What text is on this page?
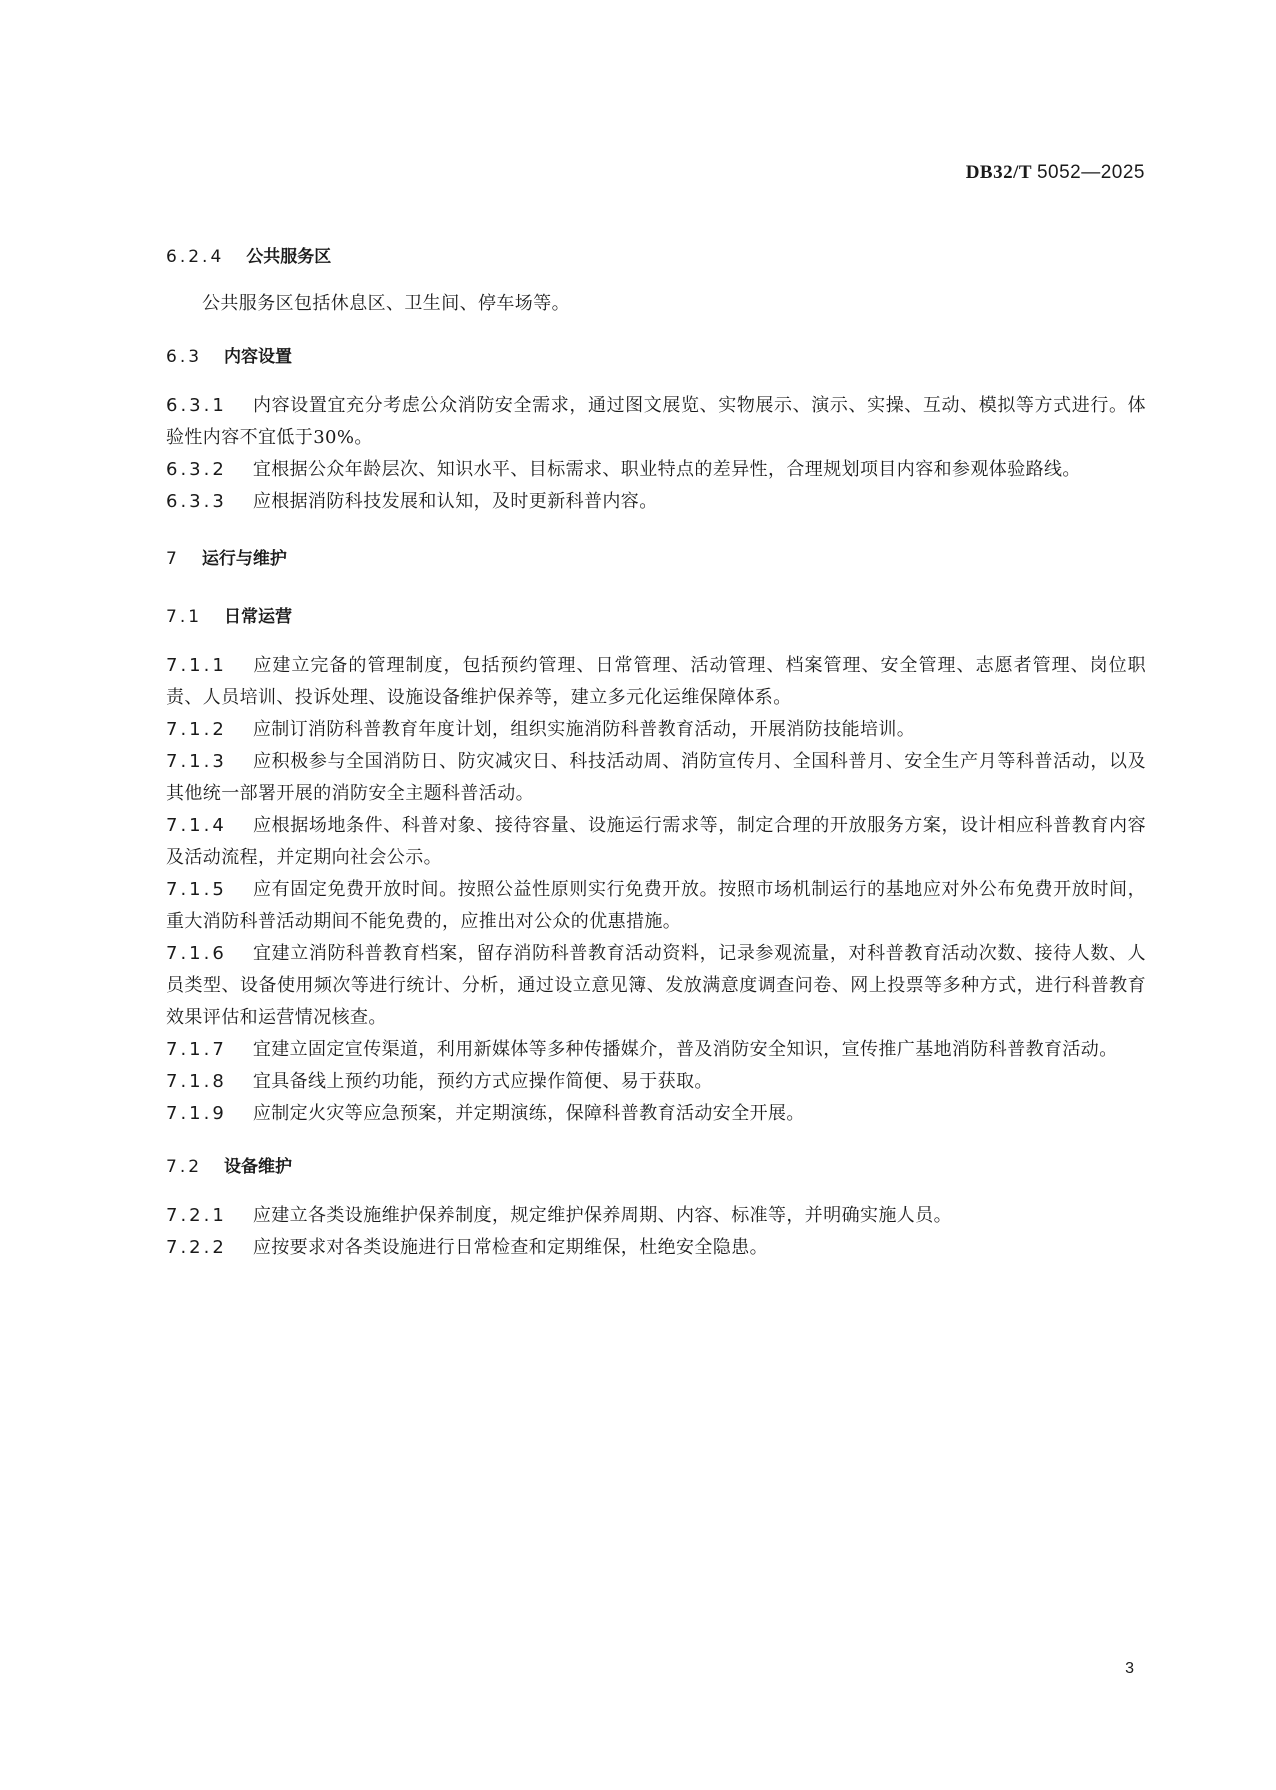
DB32/T 5052—2025
6.2.4 公共服务区
公共服务区包括休息区、卫生间、停车场等。
6.3 内容设置
6.3.1 内容设置宜充分考虑公众消防安全需求，通过图文展览、实物展示、演示、实操、互动、模拟等方式进行。体验性内容不宜低于30%。
6.3.2 宜根据公众年龄层次、知识水平、目标需求、职业特点的差异性，合理规划项目内容和参观体验路线。
6.3.3 应根据消防科技发展和认知，及时更新科普内容。
7 运行与维护
7.1 日常运营
7.1.1 应建立完备的管理制度，包括预约管理、日常管理、活动管理、档案管理、安全管理、志愿者管理、岗位职责、人员培训、投诉处理、设施设备维护保养等，建立多元化运维保障体系。
7.1.2 应制订消防科普教育年度计划，组织实施消防科普教育活动，开展消防技能培训。
7.1.3 应积极参与全国消防日、防灾减灾日、科技活动周、消防宣传月、全国科普月、安全生产月等科普活动，以及其他统一部署开展的消防安全主题科普活动。
7.1.4 应根据场地条件、科普对象、接待容量、设施运行需求等，制定合理的开放服务方案，设计相应科普教育内容及活动流程，并定期向社会公示。
7.1.5 应有固定免费开放时间。按照公益性原则实行免费开放。按照市场机制运行的基地应对外公布免费开放时间，重大消防科普活动期间不能免费的，应推出对公众的优惠措施。
7.1.6 宜建立消防科普教育档案，留存消防科普教育活动资料，记录参观流量，对科普教育活动次数、接待人数、人员类型、设备使用频次等进行统计、分析，通过设立意见簿、发放满意度调查问卷、网上投票等多种方式，进行科普教育效果评估和运营情况核查。
7.1.7 宜建立固定宣传渠道，利用新媒体等多种传播媒介，普及消防安全知识，宣传推广基地消防科普教育活动。
7.1.8 宜具备线上预约功能，预约方式应操作简便、易于获取。
7.1.9 应制定火灾等应急预案，并定期演练，保障科普教育活动安全开展。
7.2 设备维护
7.2.1 应建立各类设施维护保养制度，规定维护保养周期、内容、标准等，并明确实施人员。
7.2.2 应按要求对各类设施进行日常检查和定期维保，杜绝安全隐患。
3
